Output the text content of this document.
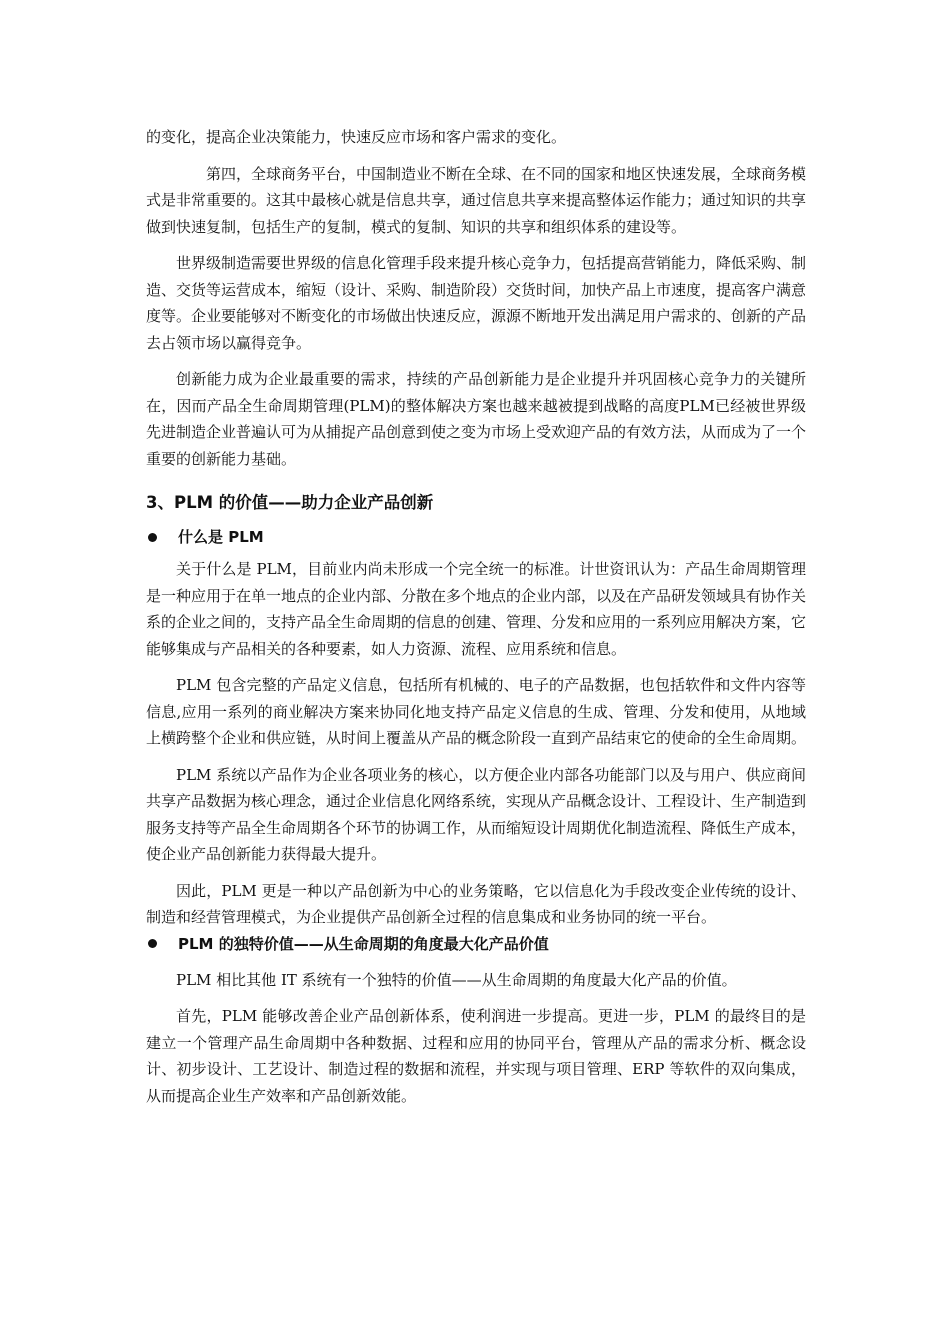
的变化，提高企业决策能力，快速反应市场和客户需求的变化。

第四，全球商务平台，中国制造业不断在全球、在不同的国家和地区快速发展，全球商务模式是非常重要的。这其中最核心就是信息共享，通过信息共享来提高整体运作能力；通过知识的共享做到快速复制，包括生产的复制，模式的复制、知识的共享和组织体系的建设等。

世界级制造需要世界级的信息化管理手段来提升核心竞争力，包括提高营销能力，降低采购、制造、交货等运营成本，缩短（设计、采购、制造阶段）交货时间，加快产品上市速度，提高客户满意度等。企业要能够对不断变化的市场做出快速反应，源源不断地开发出满足用户需求的、创新的产品去占领市场以赢得竞争。

创新能力成为企业最重要的需求，持续的产品创新能力是企业提升并巩固核心竞争力的关键所在，因而产品全生命周期管理(PLM)的整体解决方案也越来越被提到战略的高度PLM已经被世界级先进制造企业普遍认可为从捕捉产品创意到使之变为市场上受欢迎产品的有效方法，从而成为了一个重要的创新能力基础。

3、PLM 的价值——助力企业产品创新
什么是 PLM

关于什么是 PLM，目前业内尚未形成一个完全统一的标准。计世资讯认为：产品生命周期管理是一种应用于在单一地点的企业内部、分散在多个地点的企业内部，以及在产品研发领域具有协作关系的企业之间的，支持产品全生命周期的信息的创建、管理、分发和应用的一系列应用解决方案，它能够集成与产品相关的各种要素，如人力资源、流程、应用系统和信息。

PLM 包含完整的产品定义信息，包括所有机械的、电子的产品数据，也包括软件和文件内容等信息,应用一系列的商业解决方案来协同化地支持产品定义信息的生成、管理、分发和使用，从地域上横跨整个企业和供应链，从时间上覆盖从产品的概念阶段一直到产品结束它的使命的全生命周期。

PLM 系统以产品作为企业各项业务的核心，以方便企业内部各功能部门以及与用户、供应商间共享产品数据为核心理念，通过企业信息化网络系统，实现从产品概念设计、工程设计、生产制造到服务支持等产品全生命周期各个环节的协调工作，从而缩短设计周期优化制造流程、降低生产成本，使企业产品创新能力获得最大提升。

因此，PLM 更是一种以产品创新为中心的业务策略，它以信息化为手段改变企业传统的设计、制造和经营管理模式，为企业提供产品创新全过程的信息集成和业务协同的统一平台。

PLM 的独特价值——从生命周期的角度最大化产品价值

PLM 相比其他 IT 系统有一个独特的价值——从生命周期的角度最大化产品的价值。

首先，PLM 能够改善企业产品创新体系，使利润进一步提高。更进一步，PLM 的最终目的是建立一个管理产品生命周期中各种数据、过程和应用的协同平台，管理从产品的需求分析、概念设计、初步设计、工艺设计、制造过程的数据和流程，并实现与项目管理、ERP 等软件的双向集成，从而提高企业生产效率和产品创新效能。
